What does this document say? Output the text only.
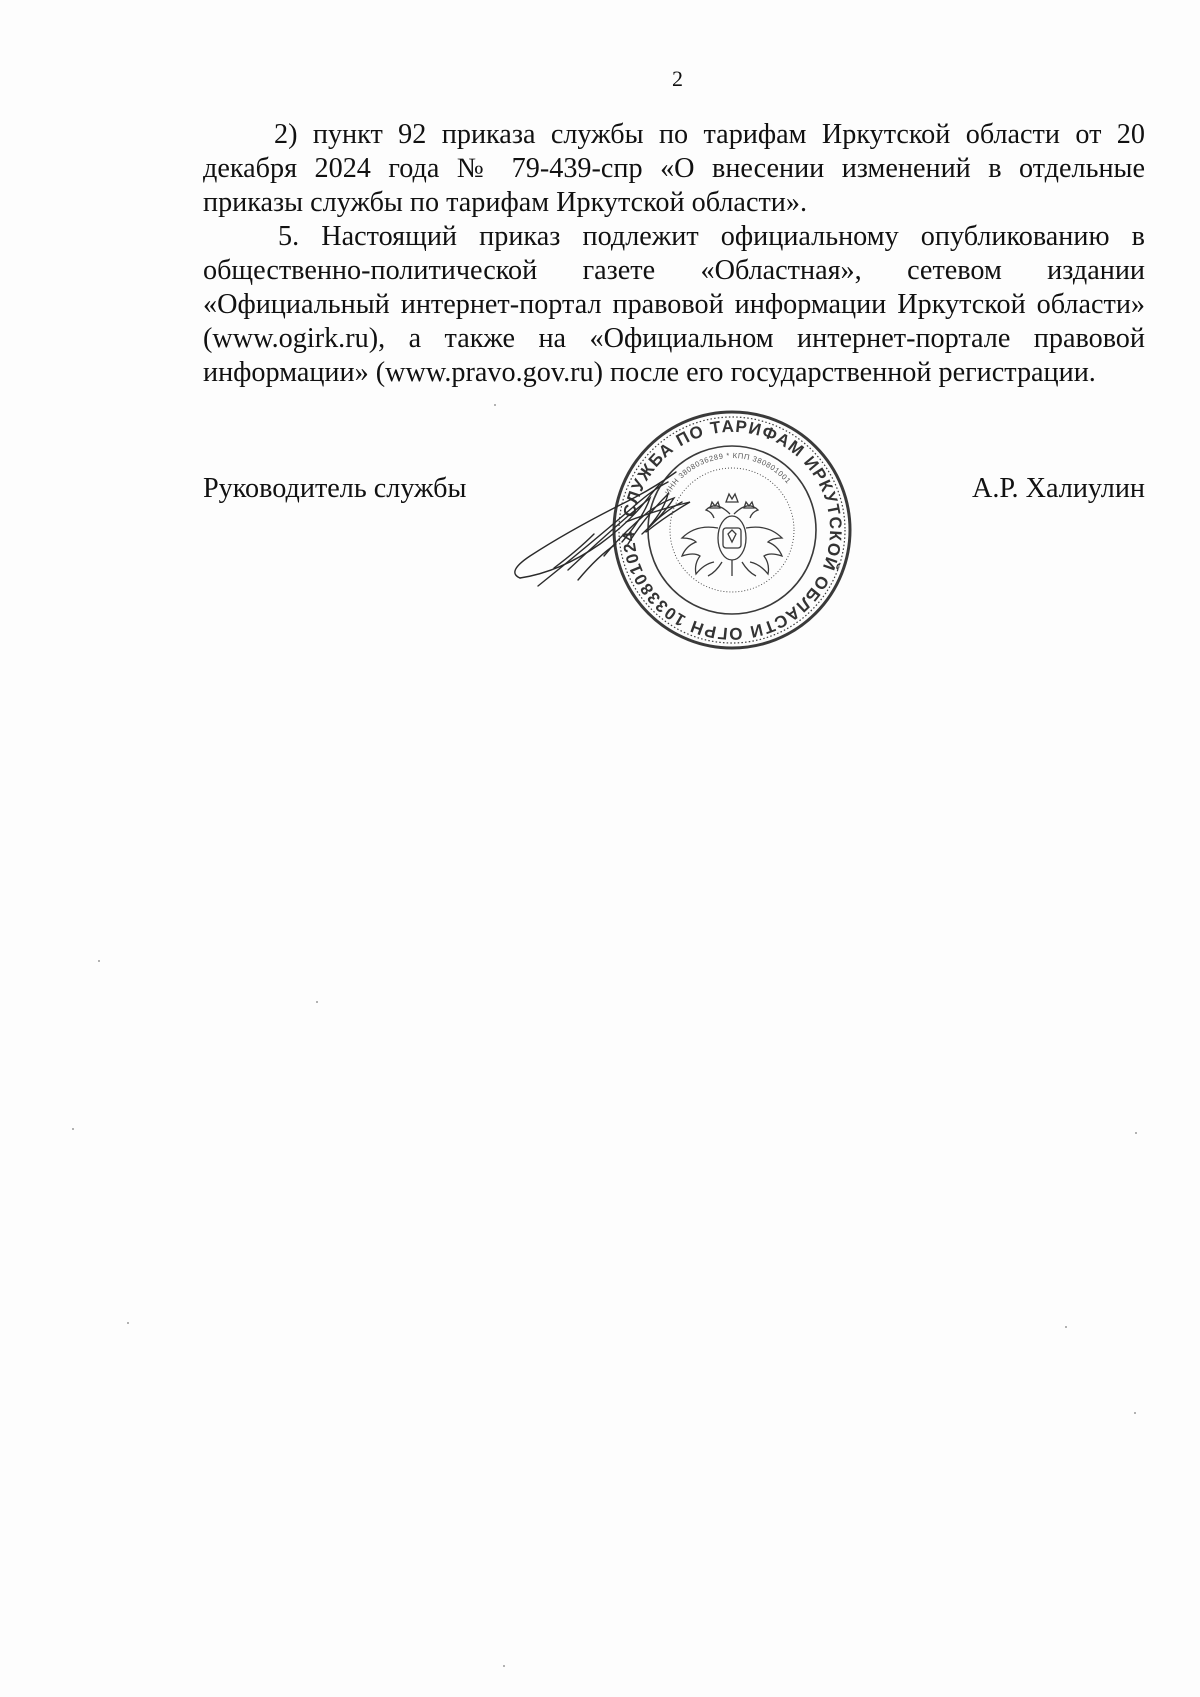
2

2) пункт 92 приказа службы по тарифам Иркутской области от 20 декабря 2024 года № 79-439-спр «О внесении изменений в отдельные приказы службы по тарифам Иркутской области».

5. Настоящий приказ подлежит официальному опубликованию в общественно-политической газете «Областная», сетевом издании «Официальный интернет-портал правовой информации Иркутской области» (www.ogirk.ru), а также на «Официальном интернет-портале правовой информации» (www.pravo.gov.ru) после его государственной регистрации.

Руководитель службы	А.Р. Халиулин
СЛУЖБА ПО ТАРИФАМ ИРКУТСКОЙ ОБЛАСТИ ОГРН 1033801024
ИНН 3808036289 * КПП 380801001
